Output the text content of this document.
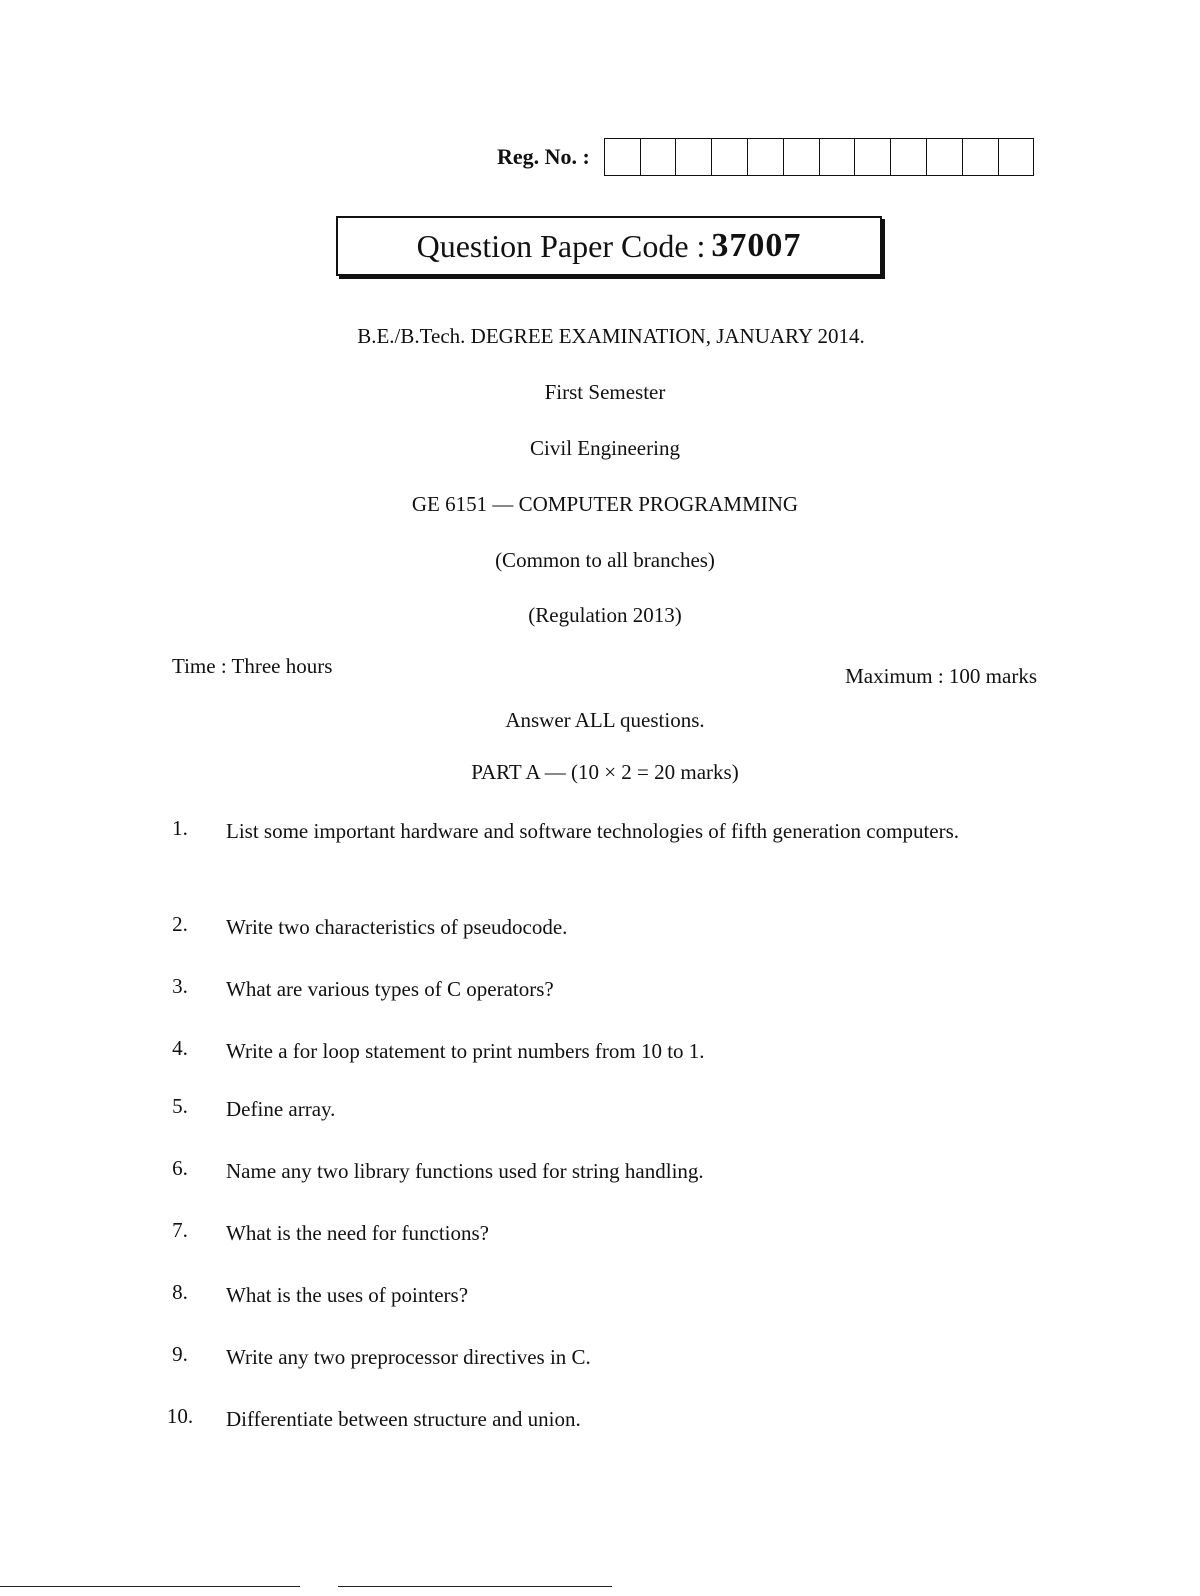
Reg. No. :
Question Paper Code : 37007
B.E./B.Tech. DEGREE EXAMINATION, JANUARY 2014.
First Semester
Civil Engineering
GE 6151 — COMPUTER PROGRAMMING
(Common to all branches)
(Regulation 2013)
Time : Three hours	Maximum : 100 marks
Answer ALL questions.
PART A — (10 × 2 = 20 marks)
1.	List some important hardware and software technologies of fifth generation computers.
2.	Write two characteristics of pseudocode.
3.	What are various types of C operators?
4.	Write a for loop statement to print numbers from 10 to 1.
5.	Define array.
6.	Name any two library functions used for string handling.
7.	What is the need for functions?
8.	What is the uses of pointers?
9.	Write any two preprocessor directives in C.
10.	Differentiate between structure and union.
